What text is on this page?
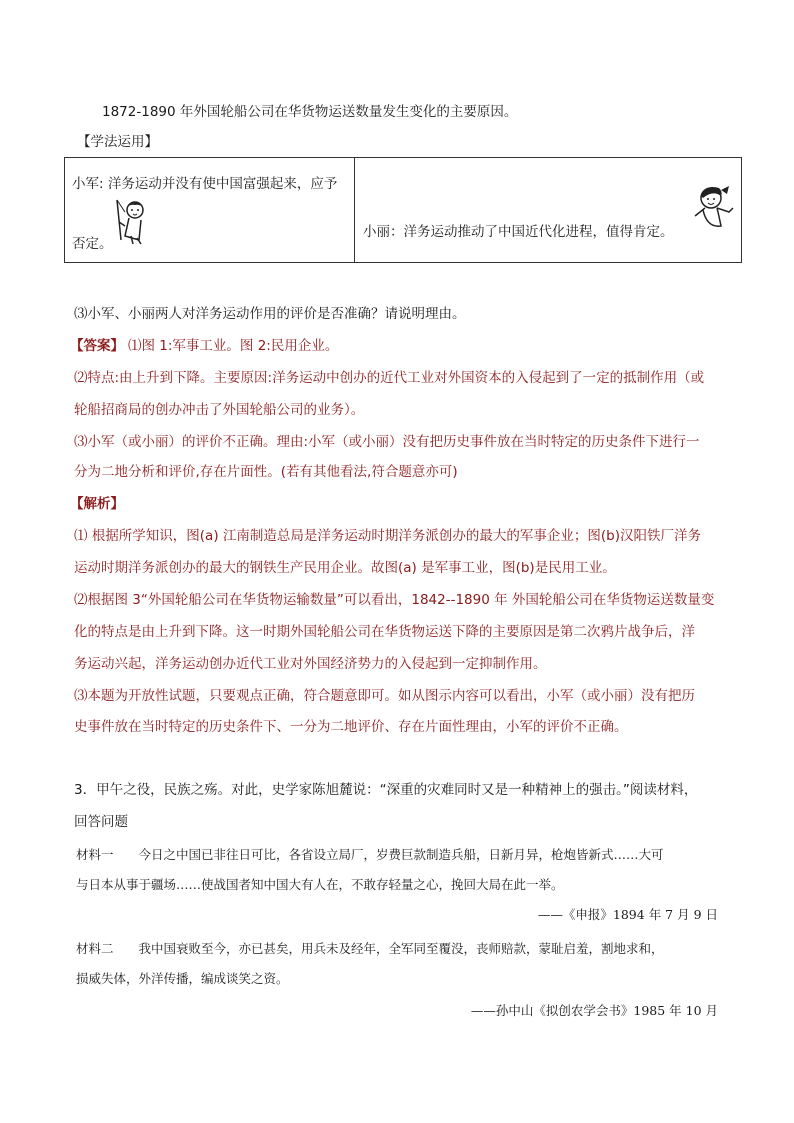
1872-1890 年外国轮船公司在华货物运送数量发生变化的主要原因。

【学法运用】

小军: 洋务运动并没有使中国富强起来，应予
否定。
小丽：洋务运动推动了中国近代化进程，值得肯定。

⑶小军、小丽两人对洋务运动作用的评价是否准确？请说明理由。

【答案】 ⑴图 1:军事工业。图 2:民用企业。

⑵特点:由上升到下降。主要原因:洋务运动中创办的近代工业对外国资本的入侵起到了一定的抵制作用（或

轮船招商局的创办冲击了外国轮船公司的业务）。

⑶小军（或小丽）的评价不正确。理由:小军（或小丽）没有把历史事件放在当时特定的历史条件下进行一

分为二地分析和评价,存在片面性。(若有其他看法,符合题意亦可)

【解析】

⑴ 根据所学知识，图(a) 江南制造总局是洋务运动时期洋务派创办的最大的军事企业；图(b)汉阳铁厂洋务

运动时期洋务派创办的最大的钢铁生产民用企业。故图(a) 是军事工业，图(b)是民用工业。

⑵根据图 3“外国轮船公司在华货物运输数量”可以看出，1842--1890 年 外国轮船公司在华货物运送数量变

化的特点是由上升到下降。这一时期外国轮船公司在华货物运送下降的主要原因是第二次鸦片战争后，洋

务运动兴起，洋务运动创办近代工业对外国经济势力的入侵起到一定抑制作用。

⑶本题为开放性试题，只要观点正确，符合题意即可。如从图示内容可以看出，小军（或小丽）没有把历

史事件放在当时特定的历史条件下、一分为二地评价、存在片面性理由，小军的评价不正确。

3．甲午之役，民族之殇。对此，史学家陈旭麓说：“深重的灾难同时又是一种精神上的强击。”阅读材料，

回答问题

材料一　　今日之中国已非往日可比，各省设立局厂，岁费巨款制造兵船，日新月异，枪炮皆新式……大可

与日本从事于疆场……使战国者知中国大有人在，不敢存轻量之心，挽回大局在此一举。

——《申报》1894 年 7 月 9 日

材料二　　我中国衰败至今，亦已甚矣，用兵未及经年，全军同至覆没，丧师赔款，蒙耻启羞，割地求和，

损威失体，外洋传播，编成谈笑之资。

——孙中山《拟创农学会书》1985 年 10 月
